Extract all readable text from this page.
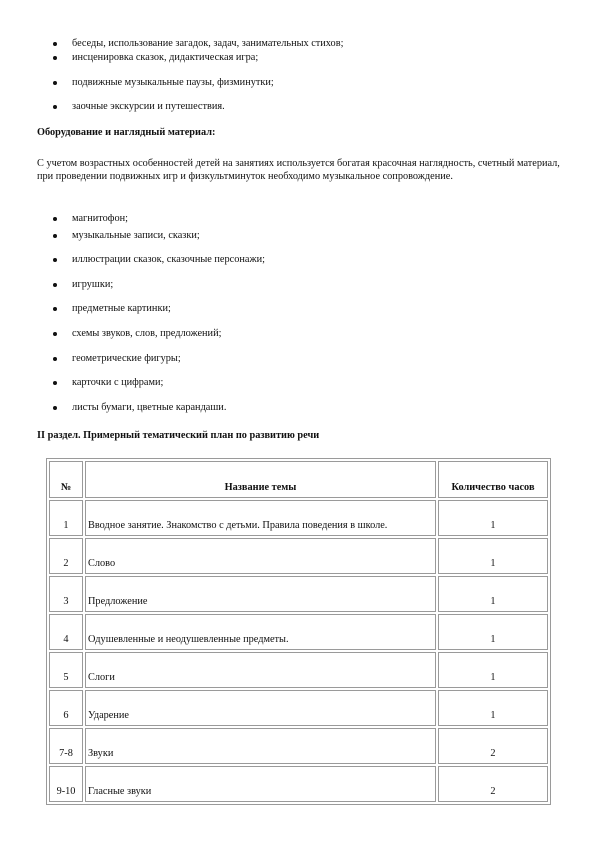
беседы, использование загадок, задач, занимательных стихов;
инсценировка сказок, дидактическая игра;
подвижные музыкальные паузы, физминутки;
заочные экскурсии и путешествия.
Оборудование и наглядный материал:
С учетом возрастных особенностей детей на занятиях используется богатая красочная наглядность, счетный материал, при проведении подвижных игр и физкультминуток необходимо музыкальное сопровождение.
магнитофон;
музыкальные записи, сказки;
иллюстрации сказок, сказочные персонажи;
игрушки;
предметные картинки;
схемы звуков, слов, предложений;
геометрические фигуры;
карточки с цифрами;
листы бумаги, цветные карандаши.
II раздел. Примерный тематический план по развитию речи
№	Название темы	Количество часов
1	Вводное занятие. Знакомство с детьми. Правила поведения в школе.	1
2	Слово	1
3	Предложение	1
4	Одушевленные и неодушевленные предметы.	1
5	Слоги	1
6	Ударение	1
7-8	Звуки	2
9-10	Гласные звуки	2
